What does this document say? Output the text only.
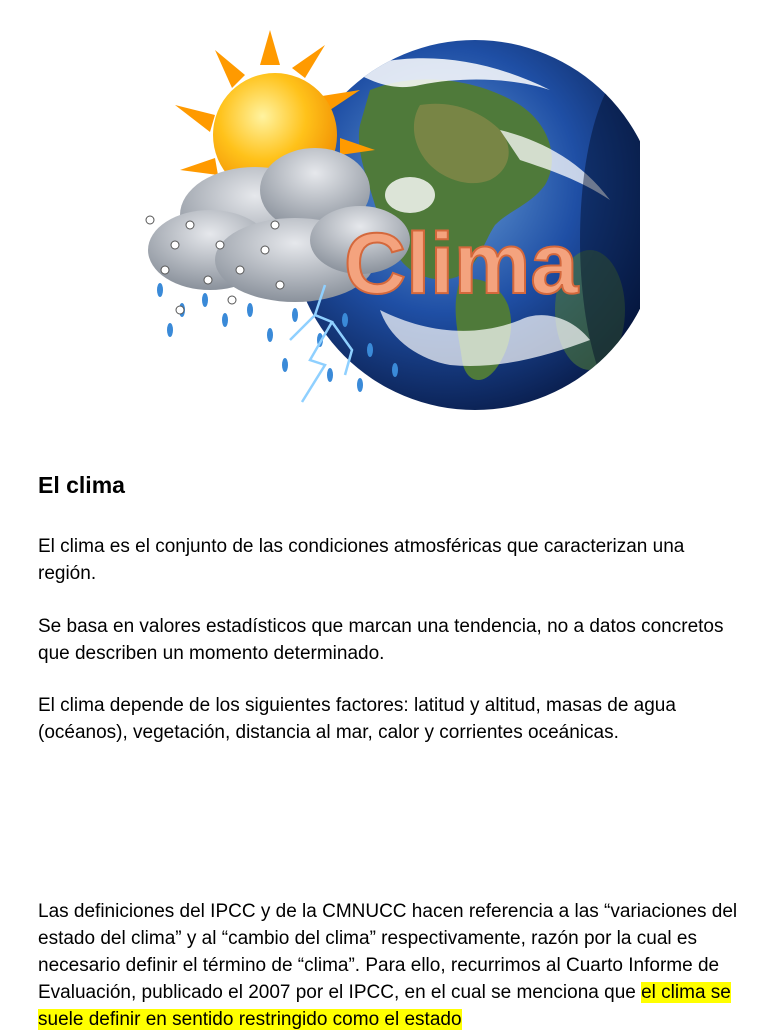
Clima
El clima

El clima es el conjunto de las condiciones atmosféricas que caracterizan una región.

Se basa en valores estadísticos que marcan una tendencia, no a datos concretos que describen un momento determinado.

El clima depende de los siguientes factores: latitud y altitud, masas de agua (océanos), vegetación, distancia al mar, calor y corrientes oceánicas.

Las definiciones del IPCC y de la CMNUCC hacen referencia a las “variaciones del estado del clima” y al “cambio del clima” respectivamente, razón por la cual es necesario definir el término de “clima”. Para ello, recurrimos al Cuarto Informe de Evaluación, publicado el 2007 por el IPCC, en el cual se menciona que el clima se suele definir en sentido restringido como el estado
